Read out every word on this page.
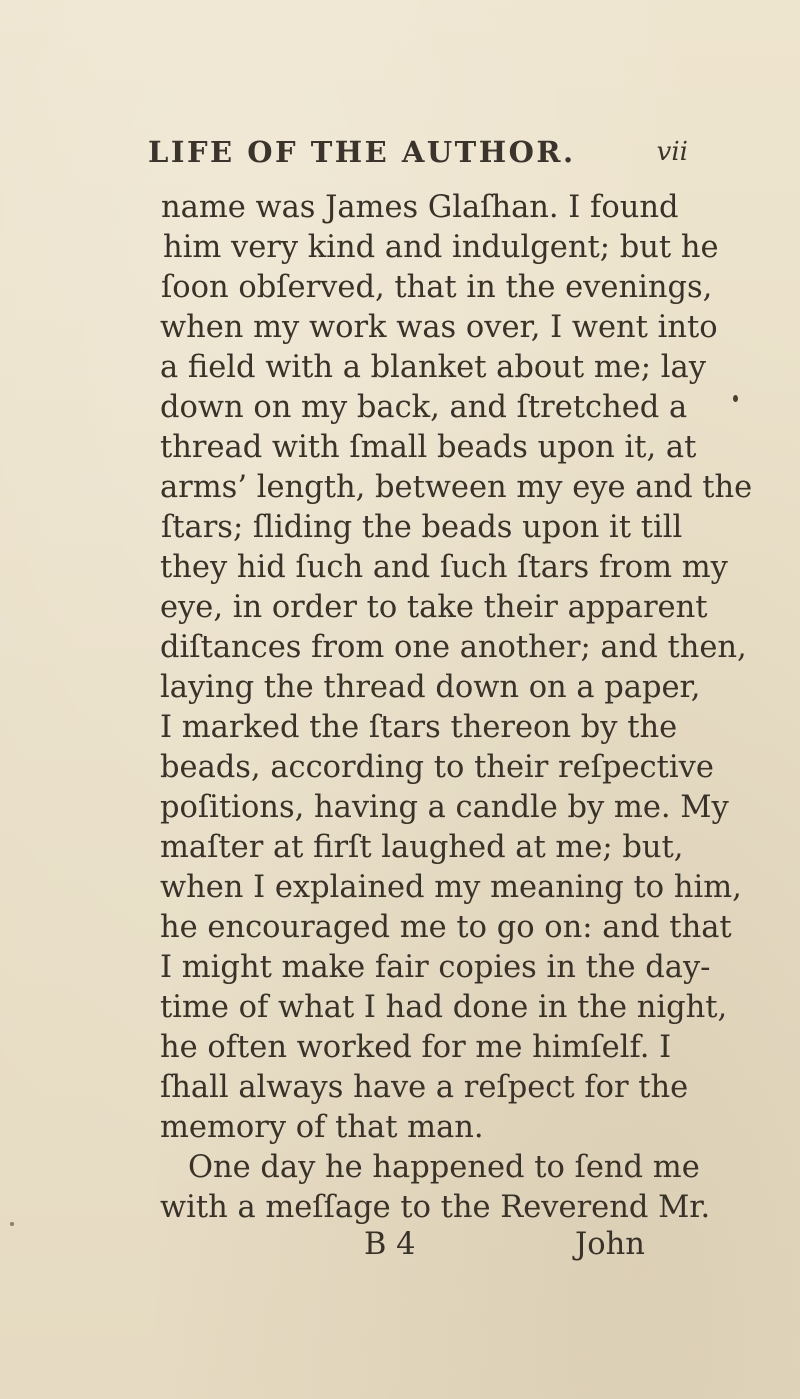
LIFE OF THE AUTHOR.	vii
name was James Glaſhan. I found
him very kind and indulgent; but he
ſoon obſerved, that in the evenings,
when my work was over, I went into
a field with a blanket about me; lay
down on my back, and ſtretched a
thread with ſmall beads upon it, at
arms’ length, between my eye and the
ſtars; ſliding the beads upon it till
they hid ſuch and ſuch ſtars from my
eye, in order to take their apparent
diſtances from one another; and then,
laying the thread down on a paper,
I marked the ſtars thereon by the
beads, according to their reſpective
poſitions, having a candle by me. My
maſter at firſt laughed at me; but,
when I explained my meaning to him,
he encouraged me to go on: and that
I might make fair copies in the day-
time of what I had done in the night,
he often worked for me himſelf. I
ſhall always have a reſpect for the
memory of that man.
One day he happened to ſend me
with a meſſage to the Reverend Mr.
B 4	John
